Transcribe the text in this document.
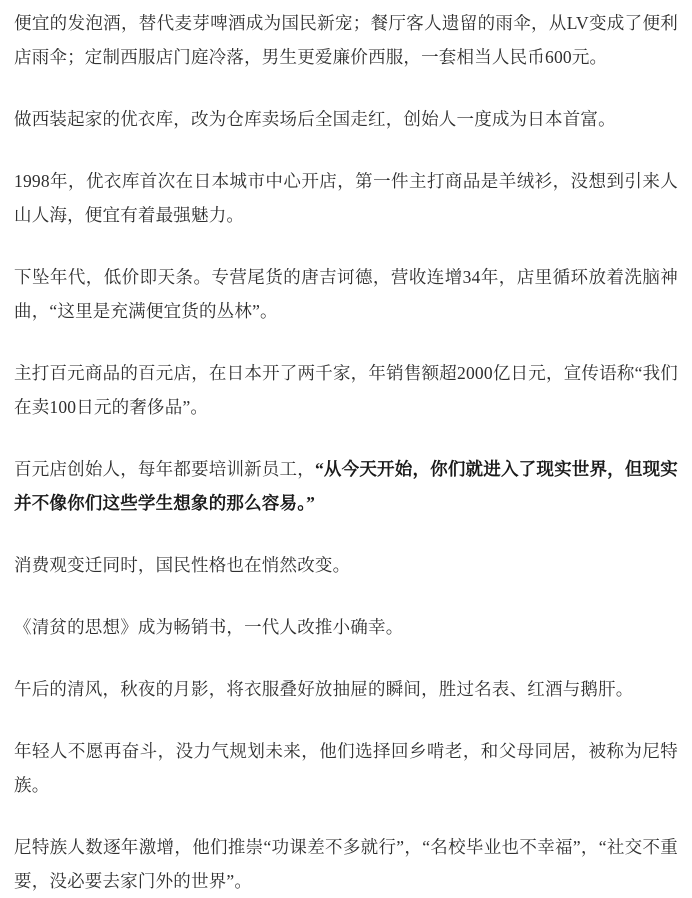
便宜的发泡酒，替代麦芽啤酒成为国民新宠；餐厅客人遗留的雨伞，从LV变成了便利店雨伞；定制西服店门庭冷落，男生更爱廉价西服，一套相当人民币600元。

做西装起家的优衣库，改为仓库卖场后全国走红，创始人一度成为日本首富。

1998年，优衣库首次在日本城市中心开店，第一件主打商品是羊绒衫，没想到引来人山人海，便宜有着最强魅力。

下坠年代，低价即天条。专营尾货的唐吉诃德，营收连增34年，店里循环放着洗脑神曲，“这里是充满便宜货的丛林”。

主打百元商品的百元店，在日本开了两千家，年销售额超2000亿日元，宣传语称“我们在卖100日元的奢侈品”。

百元店创始人，每年都要培训新员工，“从今天开始，你们就进入了现实世界，但现实并不像你们这些学生想象的那么容易。”

消费观变迁同时，国民性格也在悄然改变。

《清贫的思想》成为畅销书，一代人改推小确幸。

午后的清风，秋夜的月影，将衣服叠好放抽屉的瞬间，胜过名表、红酒与鹅肝。

年轻人不愿再奋斗，没力气规划未来，他们选择回乡啃老，和父母同居，被称为尼特族。

尼特族人数逐年激增，他们推崇“功课差不多就行”，“名校毕业也不幸福”，“社交不重要，没必要去家门外的世界”。
